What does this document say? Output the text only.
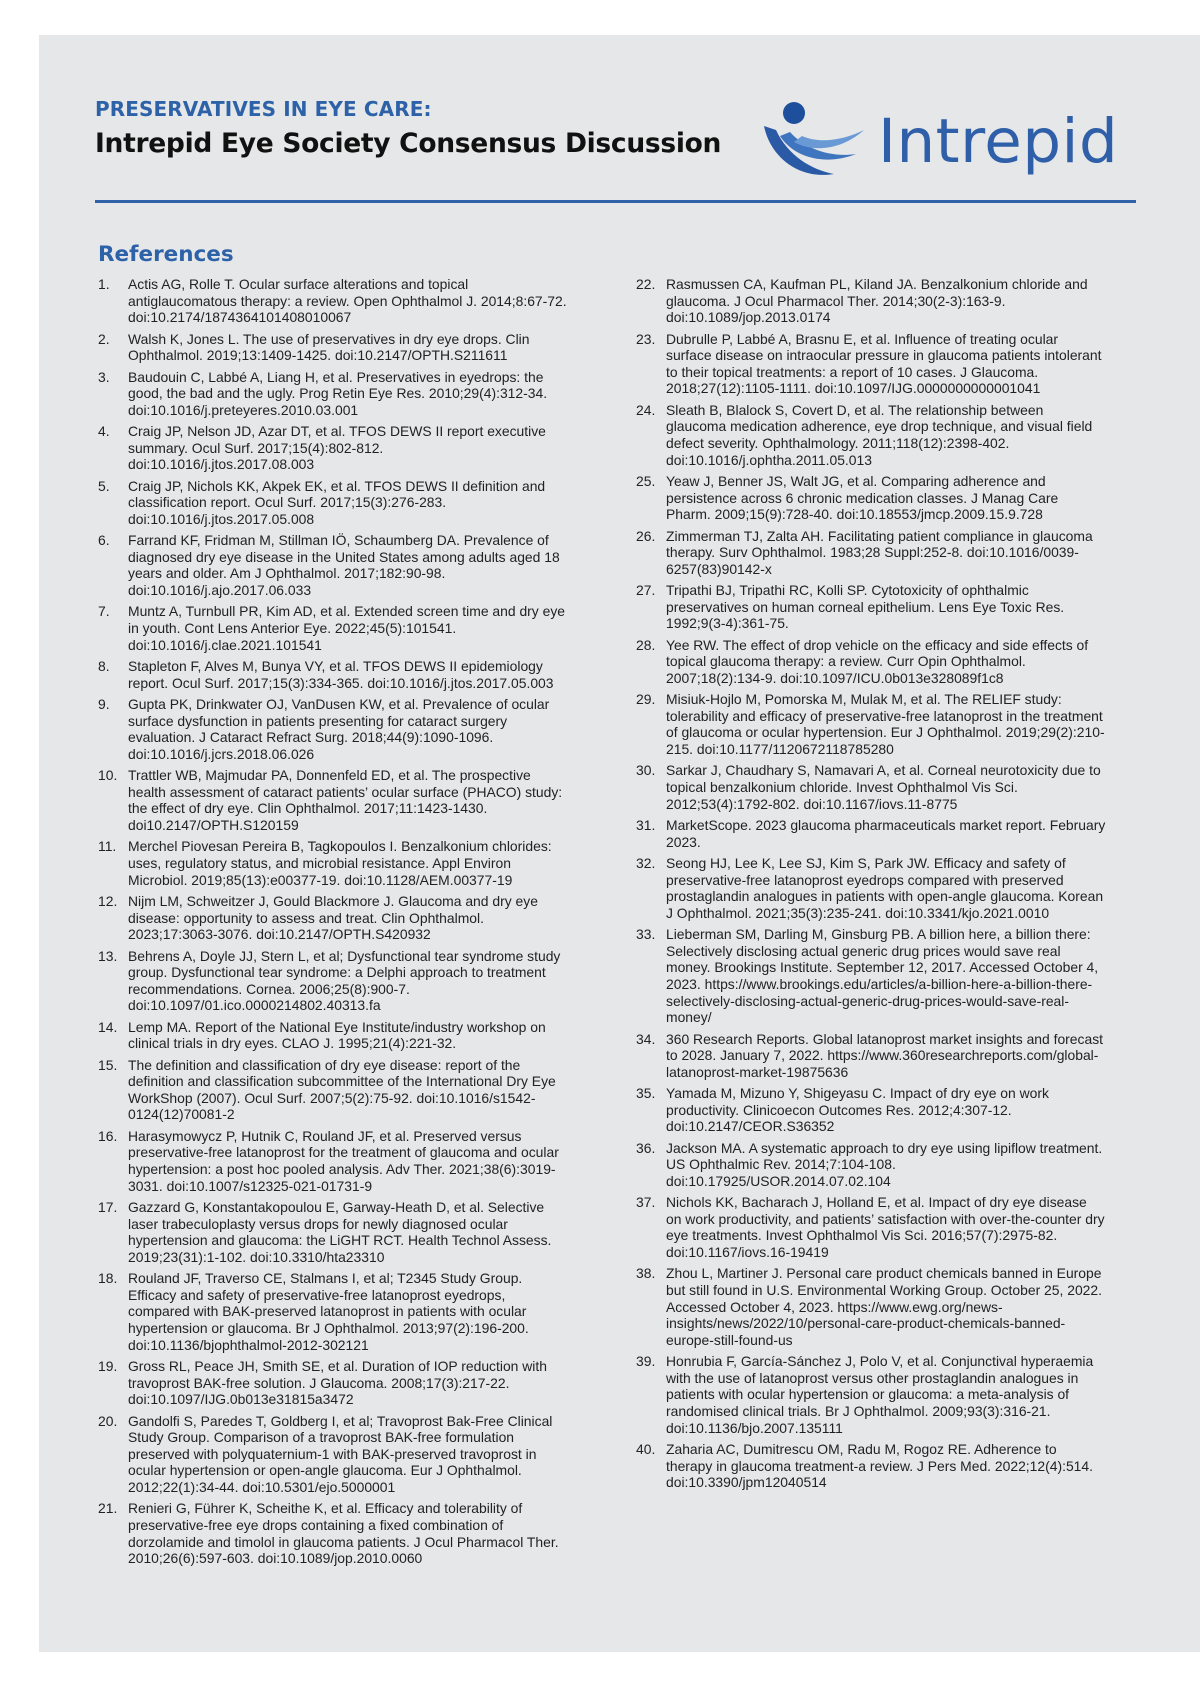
PRESERVATIVES IN EYE CARE:
Intrepid Eye Society Consensus Discussion	Intrepid
References
1.	Actis AG, Rolle T. Ocular surface alterations and topical antiglaucomatous therapy: a review. Open Ophthalmol J. 2014;8:67-72. doi:10.2174/1874364101408010067
2.	Walsh K, Jones L. The use of preservatives in dry eye drops. Clin Ophthalmol. 2019;13:1409-1425. doi:10.2147/OPTH.S211611
3.	Baudouin C, Labbé A, Liang H, et al. Preservatives in eyedrops: the good, the bad and the ugly. Prog Retin Eye Res. 2010;29(4):312-34. doi:10.1016/j.preteyeres.2010.03.001
4.	Craig JP, Nelson JD, Azar DT, et al. TFOS DEWS II report executive summary. Ocul Surf. 2017;15(4):802-812. doi:10.1016/j.jtos.2017.08.003
5.	Craig JP, Nichols KK, Akpek EK, et al. TFOS DEWS II definition and classification report. Ocul Surf. 2017;15(3):276-283. doi:10.1016/j.jtos.2017.05.008
6.	Farrand KF, Fridman M, Stillman IÖ, Schaumberg DA. Prevalence of diagnosed dry eye disease in the United States among adults aged 18 years and older. Am J Ophthalmol. 2017;182:90-98. doi:10.1016/j.ajo.2017.06.033
7.	Muntz A, Turnbull PR, Kim AD, et al. Extended screen time and dry eye in youth. Cont Lens Anterior Eye. 2022;45(5):101541. doi:10.1016/j.clae.2021.101541
8.	Stapleton F, Alves M, Bunya VY, et al. TFOS DEWS II epidemiology report. Ocul Surf. 2017;15(3):334-365. doi:10.1016/j.jtos.2017.05.003
9.	Gupta PK, Drinkwater OJ, VanDusen KW, et al. Prevalence of ocular surface dysfunction in patients presenting for cataract surgery evaluation. J Cataract Refract Surg. 2018;44(9):1090-1096. doi:10.1016/j.jcrs.2018.06.026
10. Trattler WB, Majmudar PA, Donnenfeld ED, et al. The prospective health assessment of cataract patients’ ocular surface (PHACO) study: the effect of dry eye. Clin Ophthalmol. 2017;11:1423-1430. doi10.2147/OPTH.S120159
11. Merchel Piovesan Pereira B, Tagkopoulos I. Benzalkonium chlorides: uses, regulatory status, and microbial resistance. Appl Environ Microbiol. 2019;85(13):e00377-19. doi:10.1128/AEM.00377-19
12. Nijm LM, Schweitzer J, Gould Blackmore J. Glaucoma and dry eye disease: opportunity to assess and treat. Clin Ophthalmol. 2023;17:3063-3076. doi:10.2147/OPTH.S420932
13. Behrens A, Doyle JJ, Stern L, et al; Dysfunctional tear syndrome study group. Dysfunctional tear syndrome: a Delphi approach to treatment recommendations. Cornea. 2006;25(8):900-7. doi:10.1097/01.ico.0000214802.40313.fa
14. Lemp MA. Report of the National Eye Institute/industry workshop on clinical trials in dry eyes. CLAO J. 1995;21(4):221-32.
15. The definition and classification of dry eye disease: report of the definition and classification subcommittee of the International Dry Eye WorkShop (2007). Ocul Surf. 2007;5(2):75-92. doi:10.1016/s1542-0124(12)70081-2
16. Harasymowycz P, Hutnik C, Rouland JF, et al. Preserved versus preservative-free latanoprost for the treatment of glaucoma and ocular hypertension: a post hoc pooled analysis. Adv Ther. 2021;38(6):3019-3031. doi:10.1007/s12325-021-01731-9
17. Gazzard G, Konstantakopoulou E, Garway-Heath D, et al. Selective laser trabeculoplasty versus drops for newly diagnosed ocular hypertension and glaucoma: the LiGHT RCT. Health Technol Assess. 2019;23(31):1-102. doi:10.3310/hta23310
18. Rouland JF, Traverso CE, Stalmans I, et al; T2345 Study Group. Efficacy and safety of preservative-free latanoprost eyedrops, compared with BAK-preserved latanoprost in patients with ocular hypertension or glaucoma. Br J Ophthalmol. 2013;97(2):196-200. doi:10.1136/bjophthalmol-2012-302121
19. Gross RL, Peace JH, Smith SE, et al. Duration of IOP reduction with travoprost BAK-free solution. J Glaucoma. 2008;17(3):217-22. doi:10.1097/IJG.0b013e31815a3472
20. Gandolfi S, Paredes T, Goldberg I, et al; Travoprost Bak-Free Clinical Study Group. Comparison of a travoprost BAK-free formulation preserved with polyquaternium-1 with BAK-preserved travoprost in ocular hypertension or open-angle glaucoma. Eur J Ophthalmol. 2012;22(1):34-44. doi:10.5301/ejo.5000001
21. Renieri G, Führer K, Scheithe K, et al. Efficacy and tolerability of preservative-free eye drops containing a fixed combination of dorzolamide and timolol in glaucoma patients. J Ocul Pharmacol Ther. 2010;26(6):597-603. doi:10.1089/jop.2010.0060
22. Rasmussen CA, Kaufman PL, Kiland JA. Benzalkonium chloride and glaucoma. J Ocul Pharmacol Ther. 2014;30(2-3):163-9. doi:10.1089/jop.2013.0174
23. Dubrulle P, Labbé A, Brasnu E, et al. Influence of treating ocular surface disease on intraocular pressure in glaucoma patients intolerant to their topical treatments: a report of 10 cases. J Glaucoma. 2018;27(12):1105-1111. doi:10.1097/IJG.0000000000001041
24. Sleath B, Blalock S, Covert D, et al. The relationship between glaucoma medication adherence, eye drop technique, and visual field defect severity. Ophthalmology. 2011;118(12):2398-402. doi:10.1016/j.ophtha.2011.05.013
25. Yeaw J, Benner JS, Walt JG, et al. Comparing adherence and persistence across 6 chronic medication classes. J Manag Care Pharm. 2009;15(9):728-40. doi:10.18553/jmcp.2009.15.9.728
26. Zimmerman TJ, Zalta AH. Facilitating patient compliance in glaucoma therapy. Surv Ophthalmol. 1983;28 Suppl:252-8. doi:10.1016/0039-6257(83)90142-x
27. Tripathi BJ, Tripathi RC, Kolli SP. Cytotoxicity of ophthalmic preservatives on human corneal epithelium. Lens Eye Toxic Res. 1992;9(3-4):361-75.
28. Yee RW. The effect of drop vehicle on the efficacy and side effects of topical glaucoma therapy: a review. Curr Opin Ophthalmol. 2007;18(2):134-9. doi:10.1097/ICU.0b013e328089f1c8
29. Misiuk-Hojlo M, Pomorska M, Mulak M, et al. The RELIEF study: tolerability and efficacy of preservative-free latanoprost in the treatment of glaucoma or ocular hypertension. Eur J Ophthalmol. 2019;29(2):210-215. doi:10.1177/1120672118785280
30. Sarkar J, Chaudhary S, Namavari A, et al. Corneal neurotoxicity due to topical benzalkonium chloride. Invest Ophthalmol Vis Sci. 2012;53(4):1792-802. doi:10.1167/iovs.11-8775
31. MarketScope. 2023 glaucoma pharmaceuticals market report. February 2023.
32. Seong HJ, Lee K, Lee SJ, Kim S, Park JW. Efficacy and safety of preservative-free latanoprost eyedrops compared with preserved prostaglandin analogues in patients with open-angle glaucoma. Korean J Ophthalmol. 2021;35(3):235-241. doi:10.3341/kjo.2021.0010
33. Lieberman SM, Darling M, Ginsburg PB. A billion here, a billion there: Selectively disclosing actual generic drug prices would save real money. Brookings Institute. September 12, 2017. Accessed October 4, 2023. https://www.brookings.edu/articles/a-billion-here-a-billion-there-selectively-disclosing-actual-generic-drug-prices-would-save-real-money/
34. 360 Research Reports. Global latanoprost market insights and forecast to 2028. January 7, 2022. https://www.360researchreports.com/global-latanoprost-market-19875636
35. Yamada M, Mizuno Y, Shigeyasu C. Impact of dry eye on work productivity. Clinicoecon Outcomes Res. 2012;4:307-12. doi:10.2147/CEOR.S36352
36. Jackson MA. A systematic approach to dry eye using lipiflow treatment. US Ophthalmic Rev. 2014;7:104-108. doi:10.17925/USOR.2014.07.02.104
37. Nichols KK, Bacharach J, Holland E, et al. Impact of dry eye disease on work productivity, and patients’ satisfaction with over-the-counter dry eye treatments. Invest Ophthalmol Vis Sci. 2016;57(7):2975-82. doi:10.1167/iovs.16-19419
38. Zhou L, Martiner J. Personal care product chemicals banned in Europe but still found in U.S. Environmental Working Group. October 25, 2022. Accessed October 4, 2023. https://www.ewg.org/news-insights/news/2022/10/personal-care-product-chemicals-banned-europe-still-found-us
39. Honrubia F, García-Sánchez J, Polo V, et al. Conjunctival hyperaemia with the use of latanoprost versus other prostaglandin analogues in patients with ocular hypertension or glaucoma: a meta-analysis of randomised clinical trials. Br J Ophthalmol. 2009;93(3):316-21. doi:10.1136/bjo.2007.135111
40. Zaharia AC, Dumitrescu OM, Radu M, Rogoz RE. Adherence to therapy in glaucoma treatment-a review. J Pers Med. 2022;12(4):514. doi:10.3390/jpm12040514
